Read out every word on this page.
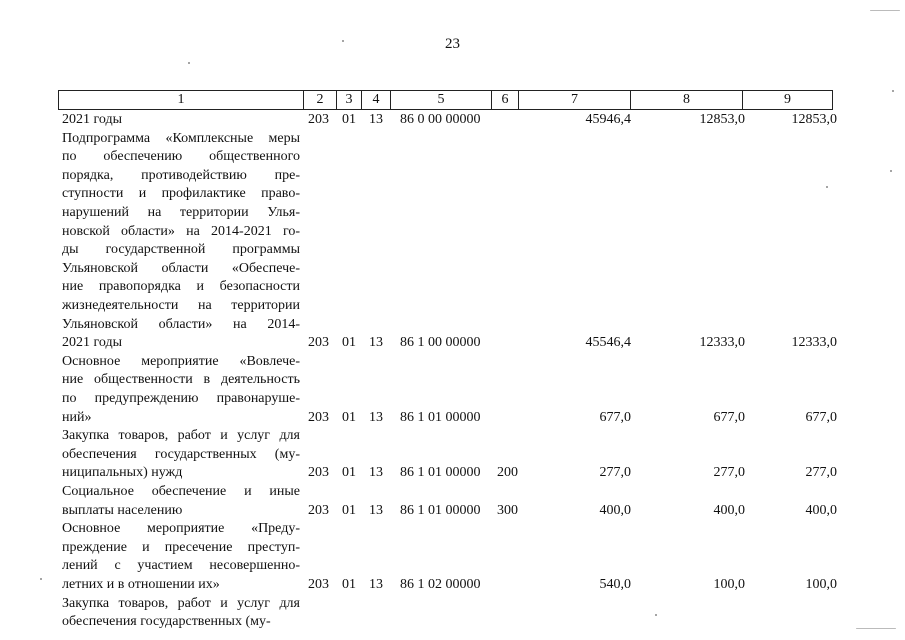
23
1	2	3	4	5	6	7	8	9
2021 годы	203 01 13 86 0 00 00000	45946,4	12853,0	12853,0
Подпрограмма «Комплексные меры
по обеспечению общественного
порядка, противодействию пре-
ступности и профилактике право-
нарушений на территории Улья-
новской области» на 2014-2021 го-
ды государственной программы
Ульяновской области «Обеспече-
ние правопорядка и безопасности
жизнедеятельности на территории
Ульяновской области» на 2014-
2021 годы	203 01 13 86 1 00 00000	45546,4	12333,0	12333,0
Основное мероприятие «Вовлече-
ние общественности в деятельность
по предупреждению правонаруше-
ний»	203 01 13 86 1 01 00000	677,0	677,0	677,0
Закупка товаров, работ и услуг для
обеспечения государственных (му-
ниципальных) нужд	203 01 13 86 1 01 00000 200	277,0	277,0	277,0
Социальное обеспечение и иные
выплаты населению	203 01 13 86 1 01 00000 300	400,0	400,0	400,0
Основное мероприятие «Преду-
преждение и пресечение преступ-
лений с участием несовершенно-
летних и в отношении их»	203 01 13 86 1 02 00000	540,0	100,0	100,0
Закупка товаров, работ и услуг для
обеспечения государственных (му-
